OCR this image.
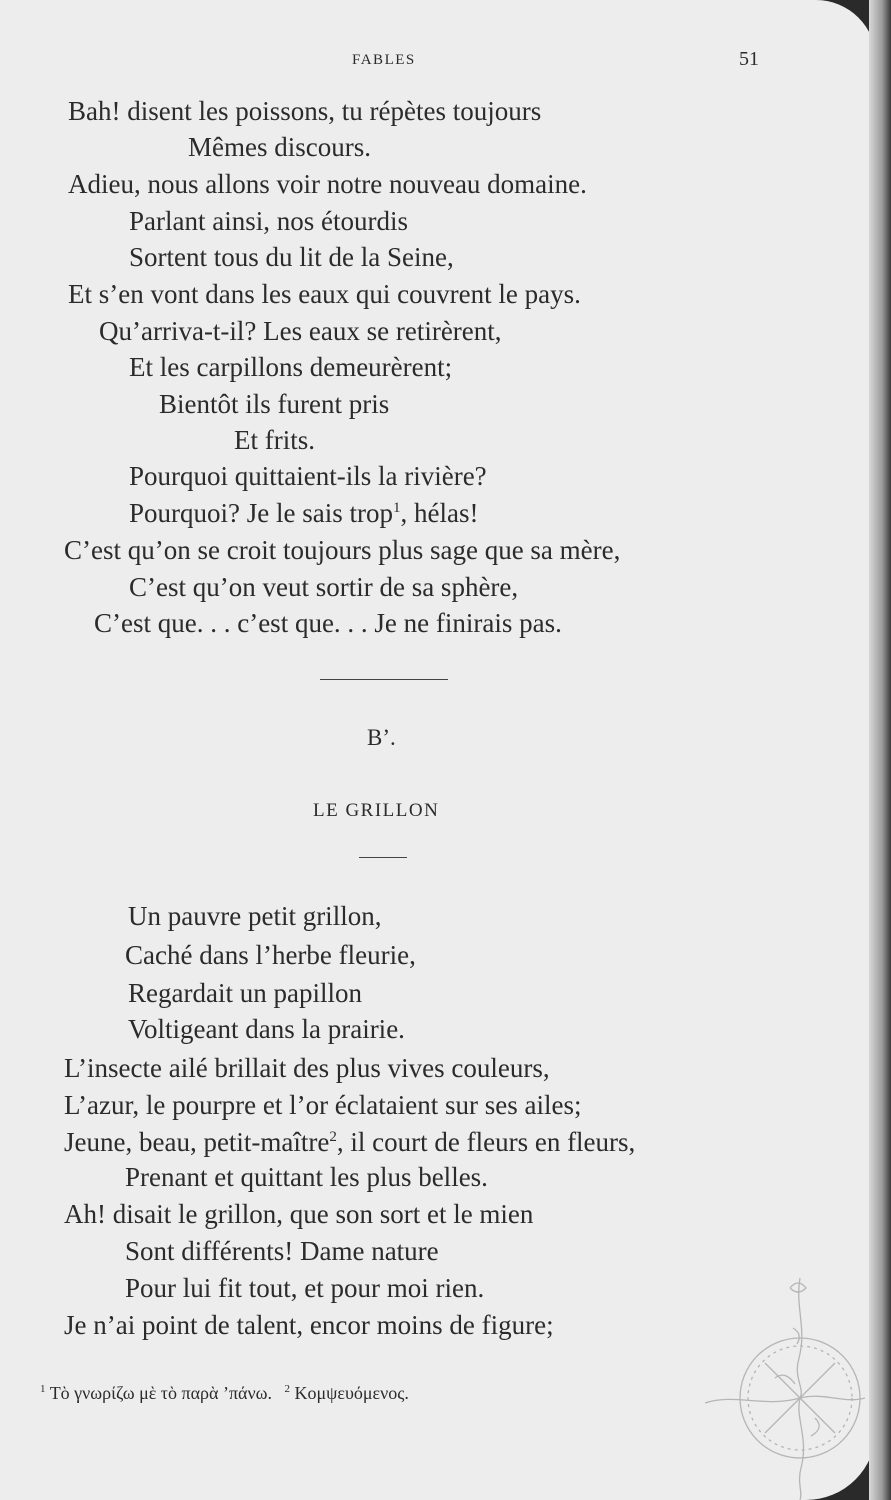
FABLES	51
Bah! disent les poissons, tu répètes toujours
Mêmes discours.
Adieu, nous allons voir notre nouveau domaine.
Parlant ainsi, nos étourdis
Sortent tous du lit de la Seine,
Et s’en vont dans les eaux qui couvrent le pays.
Qu’arriva-t-il? Les eaux se retirèrent,
Et les carpillons demeurèrent;
Bientôt ils furent pris
Et frits.
Pourquoi quittaient-ils la rivière?
Pourquoi? Je le sais trop$^1$, hélas!
C’est qu’on se croit toujours plus sage que sa mère,
C’est qu’on veut sortir de sa sphère,
C’est que. . . c’est que. . . Je ne finirais pas.
B’.
LE GRILLON
Un pauvre petit grillon,
Caché dans l’herbe fleurie,
Regardait un papillon
Voltigeant dans la prairie.
L’insecte ailé brillait des plus vives couleurs,
L’azur, le pourpre et l’or éclataient sur ses ailes;
Jeune, beau, petit-maître$^2$, il court de fleurs en fleurs,
Prenant et quittant les plus belles.
Ah! disait le grillon, que son sort et le mien
Sont différents! Dame nature
Pour lui fit tout, et pour moi rien.
Je n’ai point de talent, encor moins de figure;
$^1$ Τὸ γνωρίζω μὲ τὸ παρὰ ’πάνω. $^2$ Κομψευόμενος.
